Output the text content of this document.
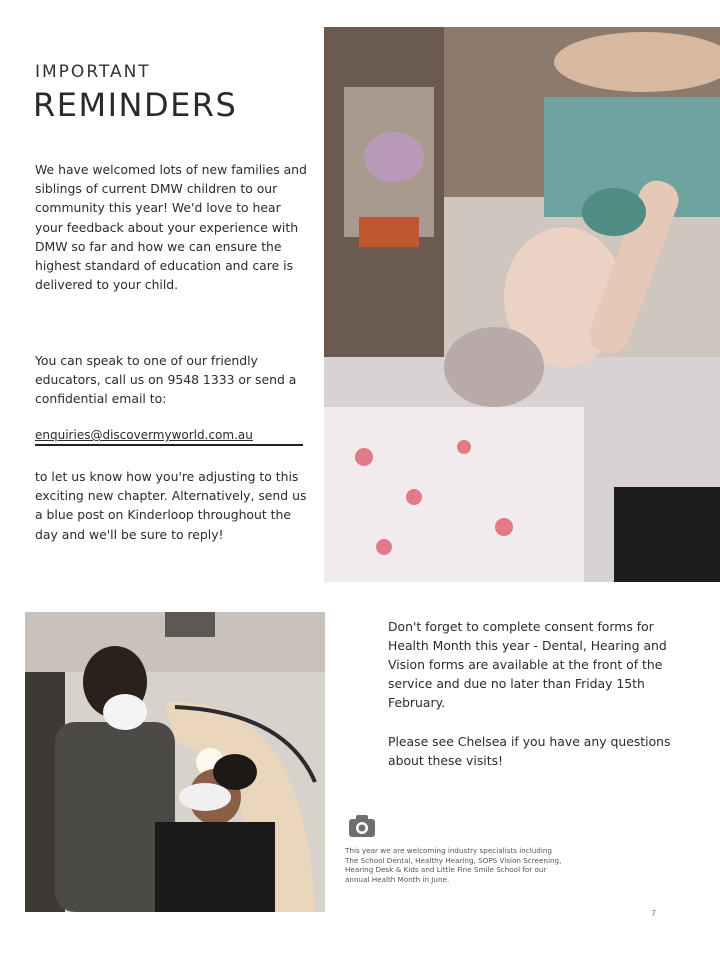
IMPORTANT
REMINDERS

We have welcomed lots of new families and siblings of current DMW children to our community this year! We'd love to hear your feedback about your experience with DMW so far and how we can ensure the highest standard of education and care is delivered to your child.

You can speak to one of our friendly educators, call us on 9548 1333 or send a confidential email to:

enquiries@discovermyworld.com.au

to let us know how you're adjusting to this exciting new chapter. Alternatively, send us a blue post on Kinderloop throughout the day and we'll be sure to reply!

Don't forget to complete consent forms for Health Month this year - Dental, Hearing and Vision forms are available at the front of the service and due no later than Friday 15th February.

Please see Chelsea if you have any questions about these visits!

This year we are welcoming industry specialists including The School Dental, Healthy Hearing, SOPS Vision Screening, Hearing Desk & Kids and Little Fine Smile School for our annual Health Month in June.

7
